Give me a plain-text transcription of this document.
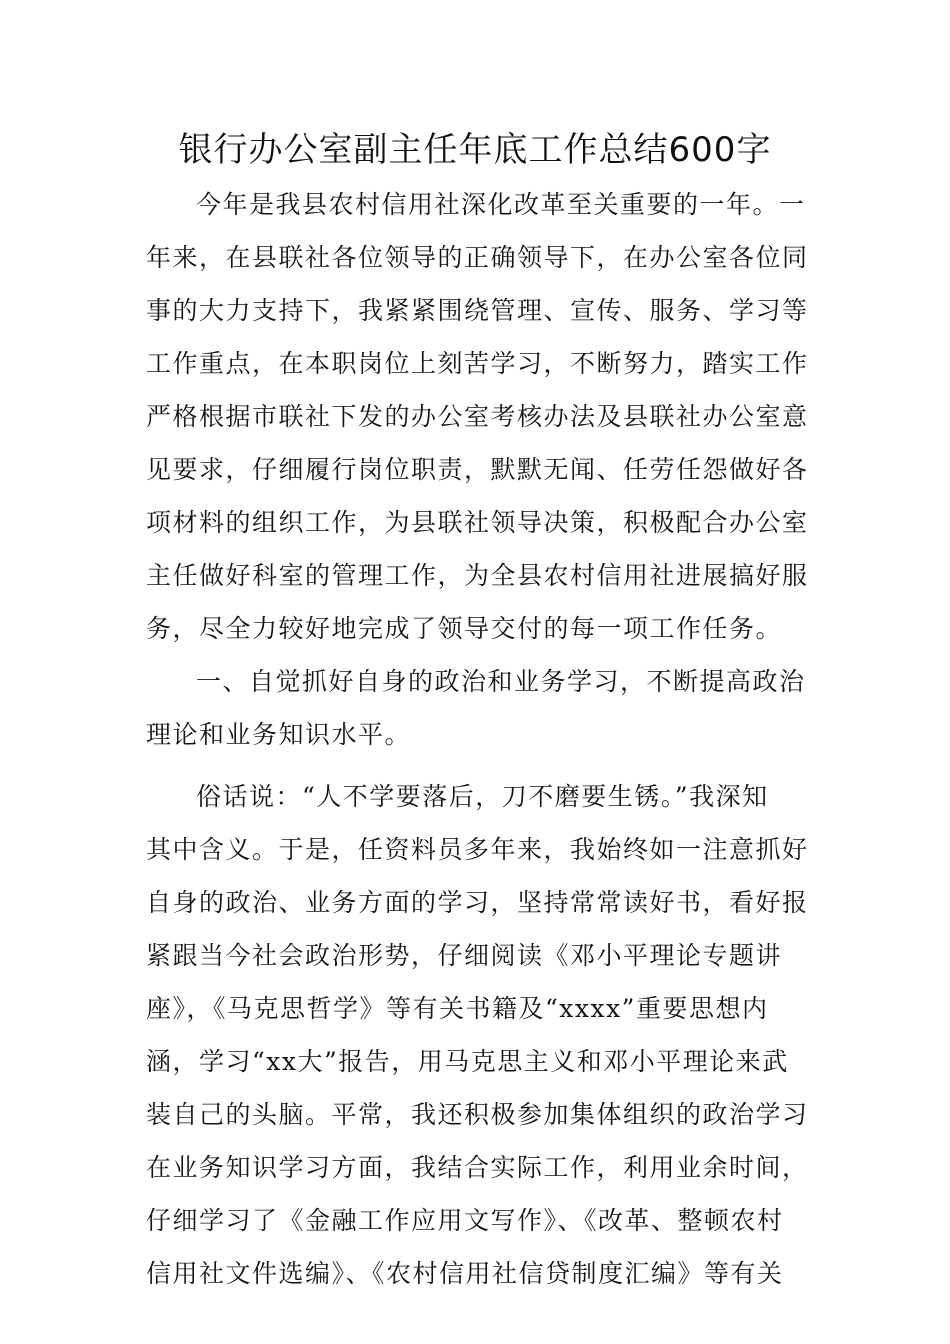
银行办公室副主任年底工作总结600字
今年是我县农村信用社深化改革至关重要的一年。一
年来，在县联社各位领导的正确领导下，在办公室各位同
事的大力支持下，我紧紧围绕管理、宣传、服务、学习等
工作重点，在本职岗位上刻苦学习，不断努力，踏实工作
严格根据市联社下发的办公室考核办法及县联社办公室意
见要求，仔细履行岗位职责，默默无闻、任劳任怨做好各
项材料的组织工作，为县联社领导决策，积极配合办公室
主任做好科室的管理工作，为全县农村信用社进展搞好服
务，尽全力较好地完成了领导交付的每一项工作任务。
一、自觉抓好自身的政治和业务学习，不断提高政治
理论和业务知识水平。
俗话说：“人不学要落后，刀不磨要生锈。”我深知
其中含义。于是，任资料员多年来，我始终如一注意抓好
自身的政治、业务方面的学习，坚持常常读好书，看好报
紧跟当今社会政治形势，仔细阅读《邓小平理论专题讲
座》，《马克思哲学》等有关书籍及“xxxx”重要思想内
涵，学习“xx大”报告，用马克思主义和邓小平理论来武
装自己的头脑。平常，我还积极参加集体组织的政治学习
在业务知识学习方面，我结合实际工作，利用业余时间，
仔细学习了《金融工作应用文写作》、《改革、整顿农村
信用社文件选编》、《农村信用社信贷制度汇编》等有关
